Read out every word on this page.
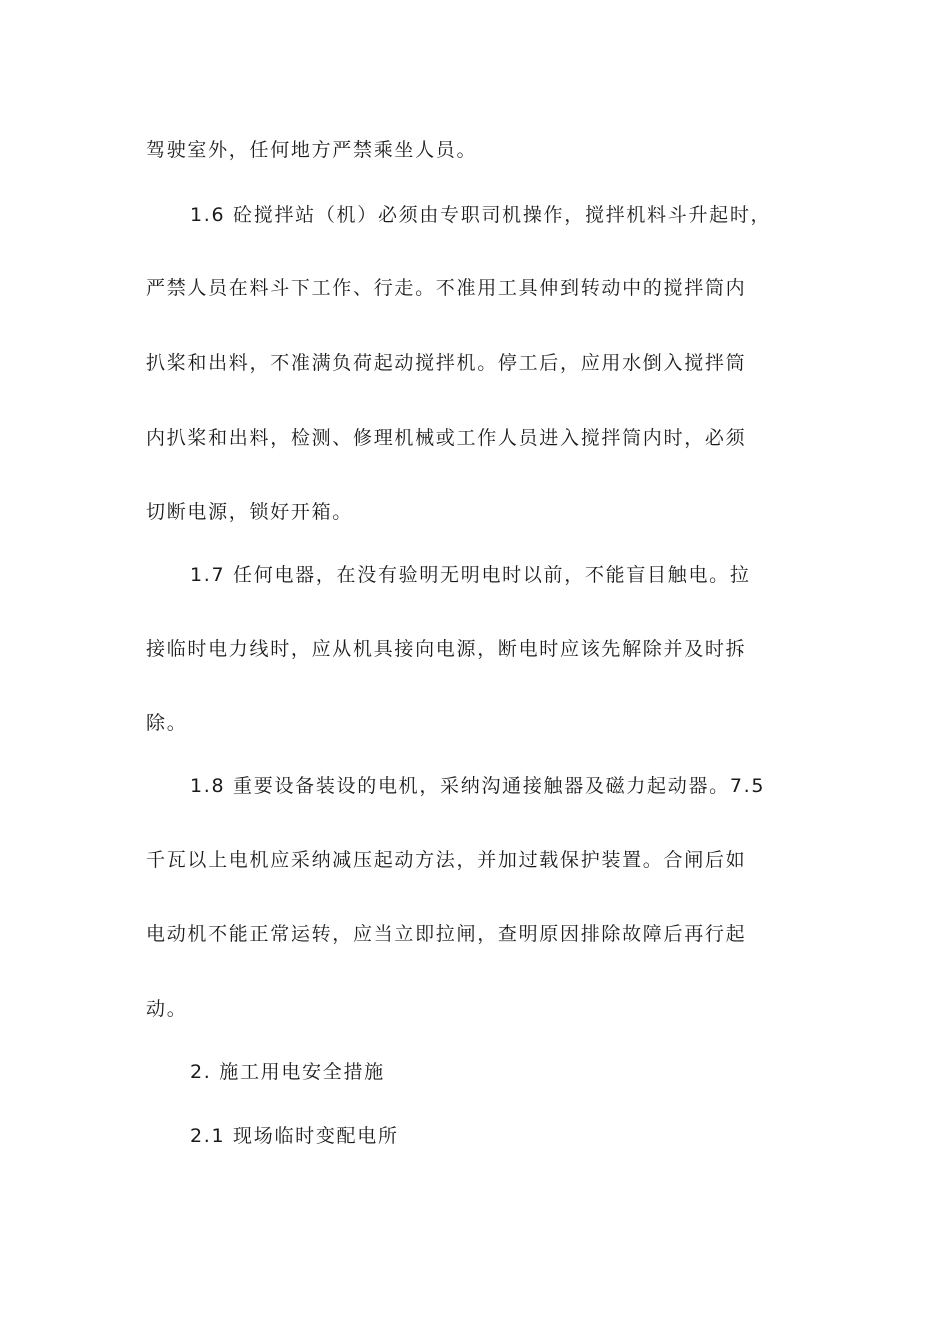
驾驶室外，任何地方严禁乘坐人员。

1.6 砼搅拌站（机）必须由专职司机操作，搅拌机料斗升起时，

严禁人员在料斗下工作、行走。不准用工具伸到转动中的搅拌筒内

扒桨和出料，不准满负荷起动搅拌机。停工后，应用水倒入搅拌筒

内扒桨和出料，检测、修理机械或工作人员进入搅拌筒内时，必须

切断电源，锁好开箱。

1.7 任何电器，在没有验明无明电时以前，不能盲目触电。拉

接临时电力线时，应从机具接向电源，断电时应该先解除并及时拆

除。

1.8 重要设备装设的电机，采纳沟通接触器及磁力起动器。7.5

千瓦以上电机应采纳减压起动方法，并加过载保护装置。合闸后如

电动机不能正常运转，应当立即拉闸，查明原因排除故障后再行起

动。

2. 施工用电安全措施

2.1 现场临时变配电所
